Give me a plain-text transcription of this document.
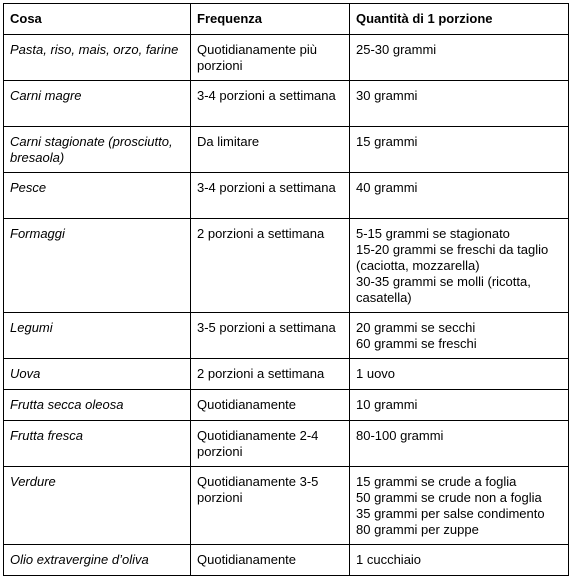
Cosa	Frequenza	Quantità di 1 porzione
Pasta, riso, mais, orzo, farine	Quotidianamente più porzioni	25-30 grammi

Carni magre	3-4 porzioni a settimana	30 grammi

Carni stagionate (prosciutto, bresaola)	Da limitare	15 grammi

Pesce	3-4 porzioni a settimana	40 grammi

Formaggi	2 porzioni a settimana	5-15 grammi se stagionato
15-20 grammi se freschi da taglio (caciotta, mozzarella)
30-35 grammi se molli (ricotta, casatella)

Legumi	3-5 porzioni a settimana	20 grammi se secchi
60 grammi se freschi

Uova	2 porzioni a settimana	1 uovo

Frutta secca oleosa	Quotidianamente	10 grammi

Frutta fresca	Quotidianamente 2-4 porzioni	80-100 grammi

Verdure	Quotidianamente 3-5 porzioni	15 grammi se crude a foglia
50 grammi se crude non a foglia
35 grammi per salse condimento
80 grammi per zuppe

Olio extravergine d’oliva	Quotidianamente	1 cucchiaio
